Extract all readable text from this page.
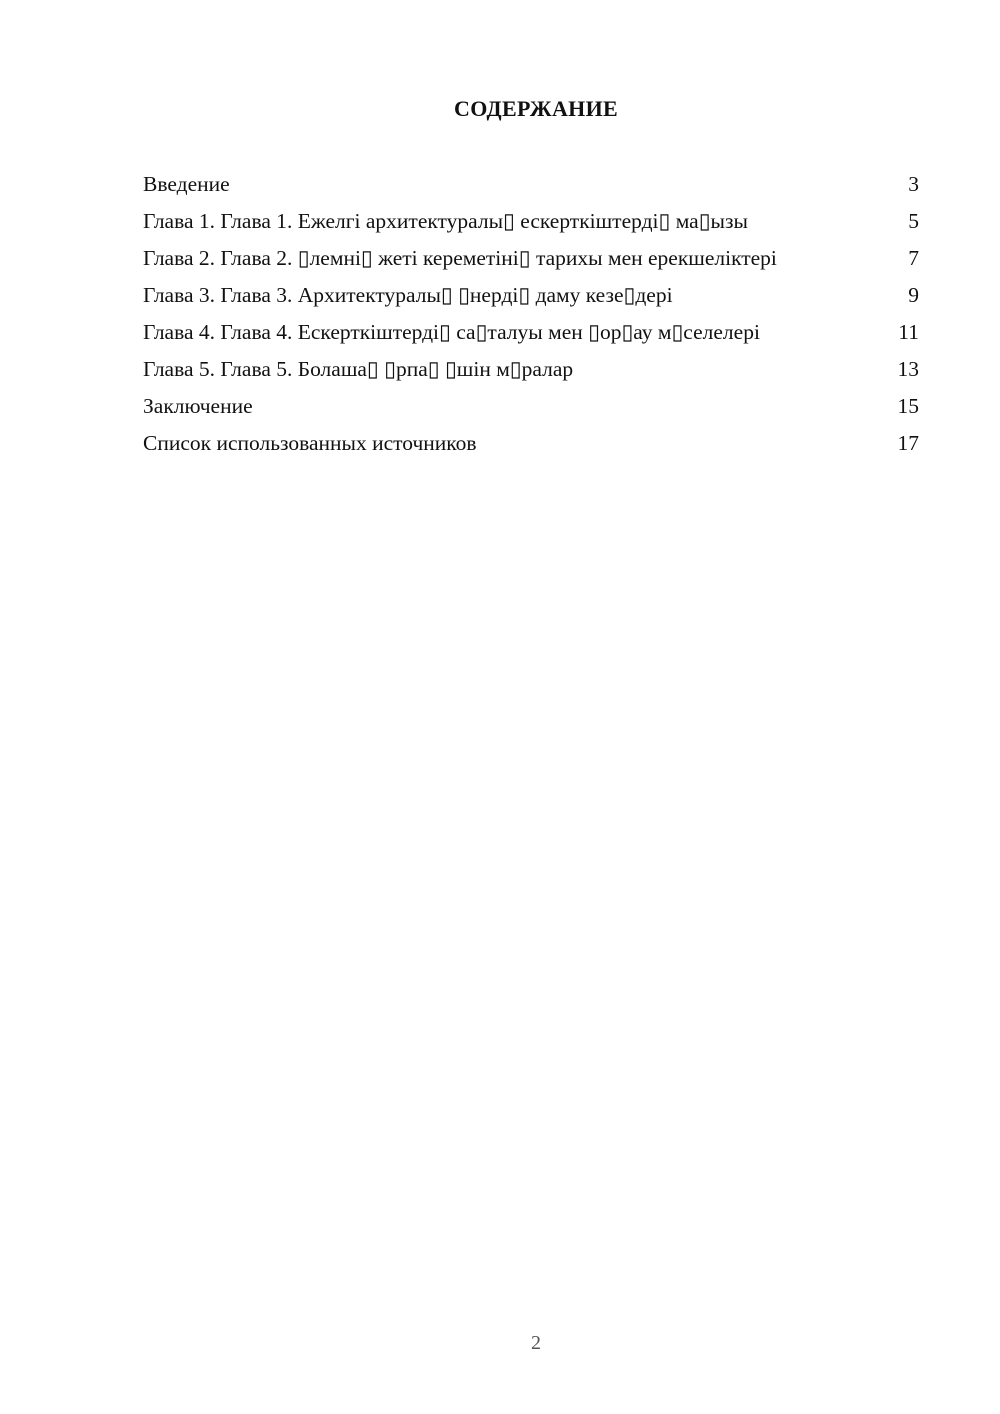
СОДЕРЖАНИЕ
Введение	3
Глава 1. Глава 1. Ежелгі архитектуралы▯ ескерткіштерді▯ ма▯ызы	5
Глава 2. Глава 2. ▯лемні▯ жеті кереметіні▯ тарихы мен ерекшеліктері	7
Глава 3. Глава 3. Архитектуралы▯ ▯нерді▯ даму кезе▯дері	9
Глава 4. Глава 4. Ескерткіштерді▯ са▯талуы мен ▯ор▯ау м▯селелері	11
Глава 5. Глава 5. Болаша▯ ▯рпа▯ ▯шін м▯ралар	13
Заключение	15
Список использованных источников	17
2
